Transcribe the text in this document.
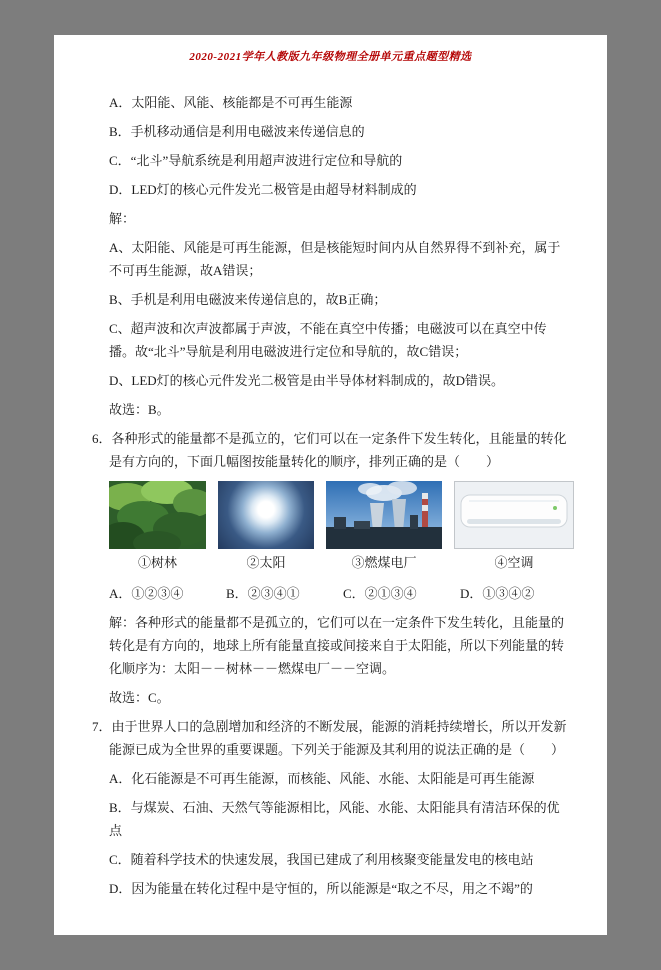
2020-2021学年人教版九年级物理全册单元重点题型精选

A．太阳能、风能、核能都是不可再生能源

B．手机移动通信是利用电磁波来传递信息的

C．“北斗”导航系统是利用超声波进行定位和导航的

D．LED灯的核心元件发光二极管是由超导材料制成的

解：

A、太阳能、风能是可再生能源，但是核能短时间内从自然界得不到补充，属于不可再生能源，故A错误；

B、手机是利用电磁波来传递信息的，故B正确；

C、超声波和次声波都属于声波，不能在真空中传播；电磁波可以在真空中传播。故“北斗”导航是利用电磁波进行定位和导航的，故C错误；

D、LED灯的核心元件发光二极管是由半导体材料制成的，故D错误。

故选：B。

6．各种形式的能量都不是孤立的，它们可以在一定条件下发生转化，且能量的转化是有方向的，下面几幅图按能量转化的顺序，排列正确的是（　　）

①树林	②太阳	③燃煤电厂	④空调
A．①②③④	B．②③④①	C．②①③④	D．①③④②

解：各种形式的能量都不是孤立的，它们可以在一定条件下发生转化，且能量的转化是有方向的，地球上所有能量直接或间接来自于太阳能，所以下列能量的转化顺序为：太阳－－树林－－燃煤电厂－－空调。

故选：C。

7．由于世界人口的急剧增加和经济的不断发展，能源的消耗持续增长，所以开发新能源已成为全世界的重要课题。下列关于能源及其利用的说法正确的是（　　）

A．化石能源是不可再生能源，而核能、风能、水能、太阳能是可再生能源

B．与煤炭、石油、天然气等能源相比，风能、水能、太阳能具有清洁环保的优点

C．随着科学技术的快速发展，我国已建成了利用核聚变能量发电的核电站

D．因为能量在转化过程中是守恒的，所以能源是“取之不尽，用之不竭”的
